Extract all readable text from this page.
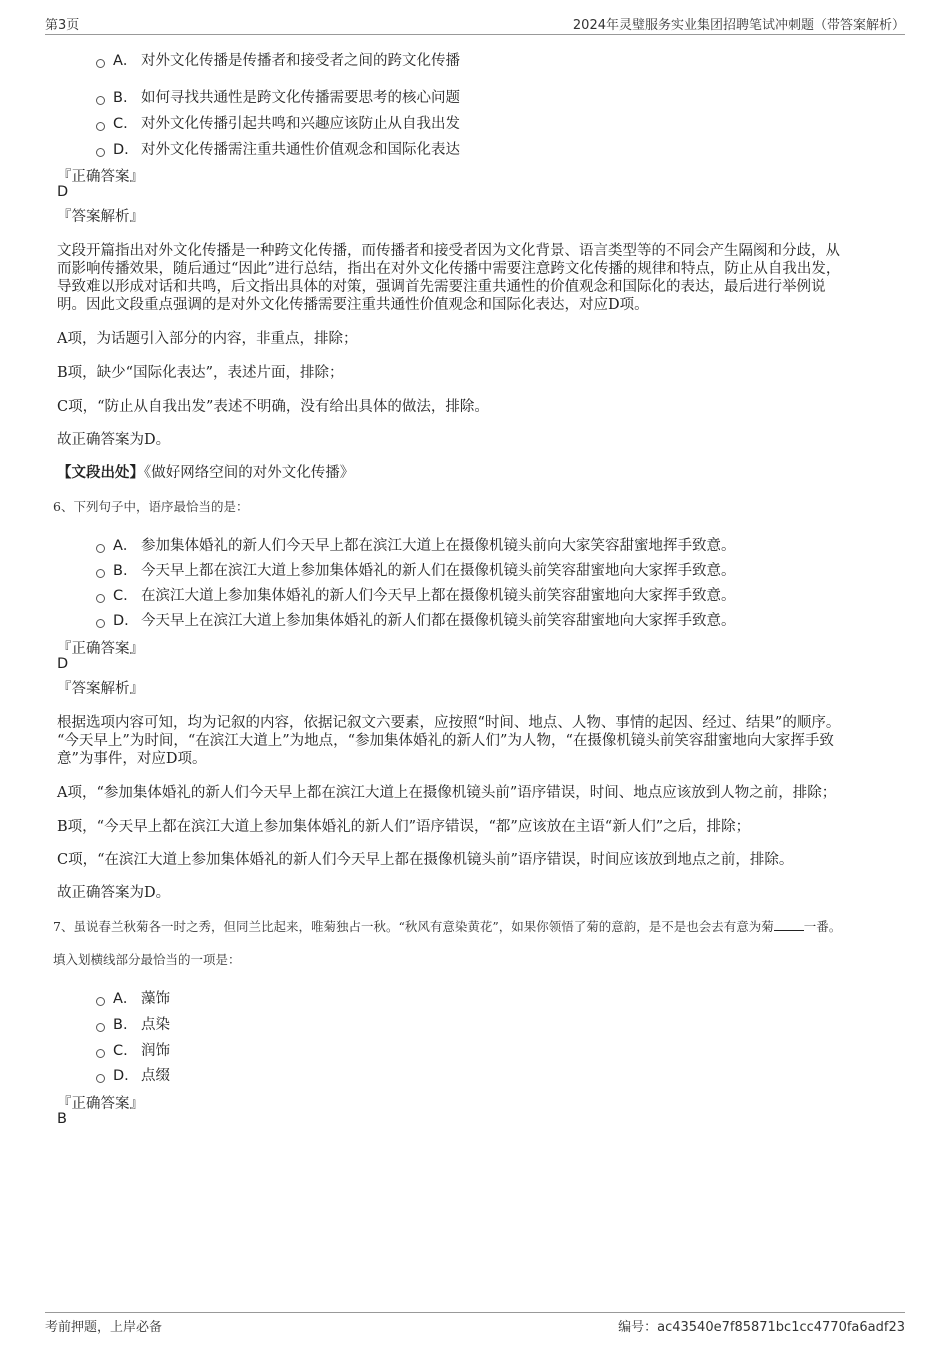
第3页	2024年灵璧服务实业集团招聘笔试冲刺题（带答案解析）
A． 对外文化传播是传播者和接受者之间的跨文化传播
B. 如何寻找共通性是跨文化传播需要思考的核心问题
C. 对外文化传播引起共鸣和兴趣应该防止从自我出发
D. 对外文化传播需注重共通性价值观念和国际化表达
『正确答案』
D
『答案解析』
文段开篇指出对外文化传播是一种跨文化传播，而传播者和接受者因为文化背景、语言类型等的不同会产生隔阂和分歧，从
而影响传播效果，随后通过“因此”进行总结，指出在对外文化传播中需要注意跨文化传播的规律和特点，防止从自我出发，
导致难以形成对话和共鸣，后文指出具体的对策，强调首先需要注重共通性的价值观念和国际化的表达，最后进行举例说
明。因此文段重点强调的是对外文化传播需要注重共通性价值观念和国际化表达，对应D项。
A项，为话题引入部分的内容，非重点，排除；
B项，缺少“国际化表达”，表述片面，排除；
C项，“防止从自我出发”表述不明确，没有给出具体的做法，排除。
故正确答案为D。
【文段出处】《做好网络空间的对外文化传播》
6、下列句子中，语序最恰当的是：
A． 参加集体婚礼的新人们今天早上都在滨江大道上在摄像机镜头前向大家笑容甜蜜地挥手致意。
B. 今天早上都在滨江大道上参加集体婚礼的新人们在摄像机镜头前笑容甜蜜地向大家挥手致意。
C. 在滨江大道上参加集体婚礼的新人们今天早上都在摄像机镜头前笑容甜蜜地向大家挥手致意。
D. 今天早上在滨江大道上参加集体婚礼的新人们都在摄像机镜头前笑容甜蜜地向大家挥手致意。
『正确答案』
D
『答案解析』
根据选项内容可知，均为记叙的内容，依据记叙文六要素，应按照“时间、地点、人物、事情的起因、经过、结果”的顺序。
“今天早上”为时间，“在滨江大道上”为地点，“参加集体婚礼的新人们”为人物，“在摄像机镜头前笑容甜蜜地向大家挥手致
意”为事件，对应D项。
A项，“参加集体婚礼的新人们今天早上都在滨江大道上在摄像机镜头前”语序错误，时间、地点应该放到人物之前，排除；
B项，“今天早上都在滨江大道上参加集体婚礼的新人们”语序错误，“都”应该放在主语“新人们”之后，排除；
C项，“在滨江大道上参加集体婚礼的新人们今天早上都在摄像机镜头前”语序错误，时间应该放到地点之前，排除。
故正确答案为D。
7、虽说春兰秋菊各一时之秀，但同兰比起来，唯菊独占一秋。“秋风有意染黄花”，如果你领悟了菊的意韵，是不是也会去有意为菊 一番。
填入划横线部分最恰当的一项是：
A． 藻饰
B. 点染
C. 润饰
D. 点缀
『正确答案』
B
考前押题，上岸必备	编号：ac43540e7f85871bc1cc4770fa6adf23
